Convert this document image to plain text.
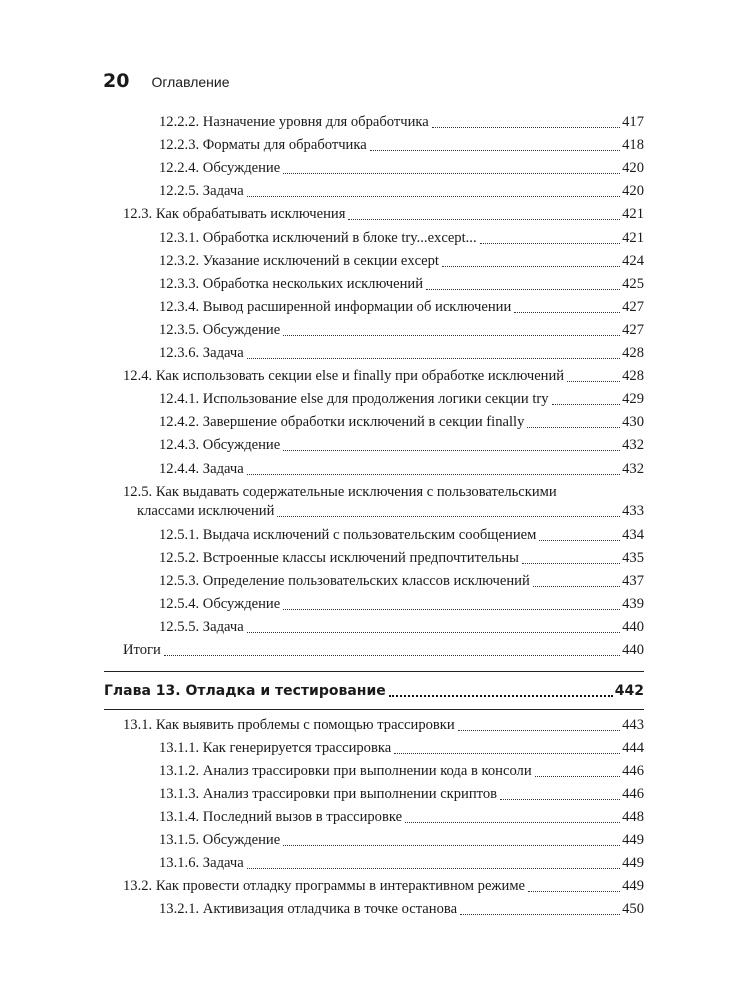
20 Оглавление
12.2.2. Назначение уровня для обработчика	417
12.2.3. Форматы для обработчика	418
12.2.4. Обсуждение	420
12.2.5. Задача	420
12.3. Как обрабатывать исключения	421
12.3.1. Обработка исключений в блоке try...except...	421
12.3.2. Указание исключений в секции except	424
12.3.3. Обработка нескольких исключений	425
12.3.4. Вывод расширенной информации об исключении	427
12.3.5. Обсуждение	427
12.3.6. Задача	428
12.4. Как использовать секции else и finally при обработке исключений	428
12.4.1. Использование else для продолжения логики секции try	429
12.4.2. Завершение обработки исключений в секции finally	430
12.4.3. Обсуждение	432
12.4.4. Задача	432
12.5. Как выдавать содержательные исключения с пользовательскими
классами исключений	433
12.5.1. Выдача исключений с пользовательским сообщением	434
12.5.2. Встроенные классы исключений предпочтительны	435
12.5.3. Определение пользовательских классов исключений	437
12.5.4. Обсуждение	439
12.5.5. Задача	440
Итоги	440
Глава 13. Отладка и тестирование	442
13.1. Как выявить проблемы с помощью трассировки	443
13.1.1. Как генерируется трассировка	444
13.1.2. Анализ трассировки при выполнении кода в консоли	446
13.1.3. Анализ трассировки при выполнении скриптов	446
13.1.4. Последний вызов в трассировке	448
13.1.5. Обсуждение	449
13.1.6. Задача	449
13.2. Как провести отладку программы в интерактивном режиме	449
13.2.1. Активизация отладчика в точке останова	450
